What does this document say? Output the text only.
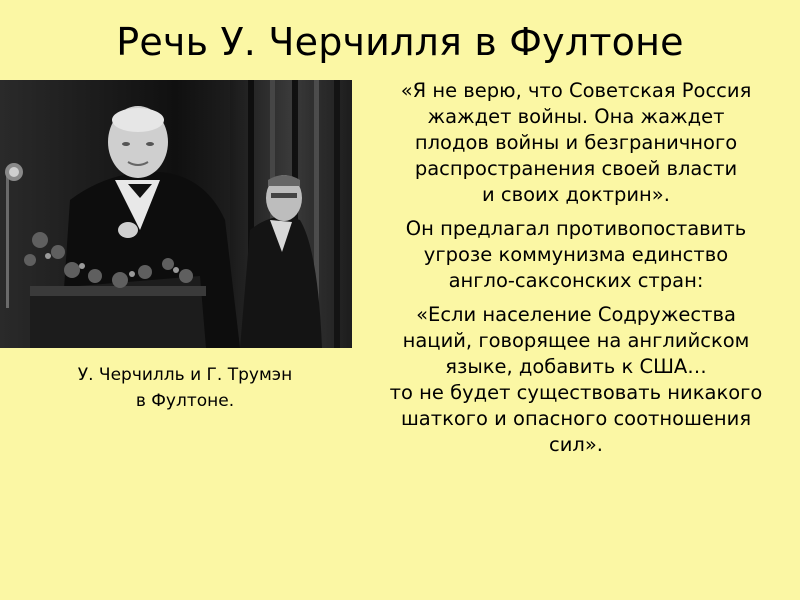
Речь У. Черчилля в Фултоне
У. Черчилль и Г. Трумэн
в Фултоне.
«Я не верю, что Советская Россия
жаждет войны. Она жаждет
плодов войны и безграничного
распространения своей власти
и своих доктрин».
Он предлагал противопоставить
угрозе коммунизма единство
англо-саксонских стран:
«Если население Содружества
наций, говорящее на английском
языке, добавить к США…
то не будет существовать никакого
шаткого и опасного соотношения
сил».
